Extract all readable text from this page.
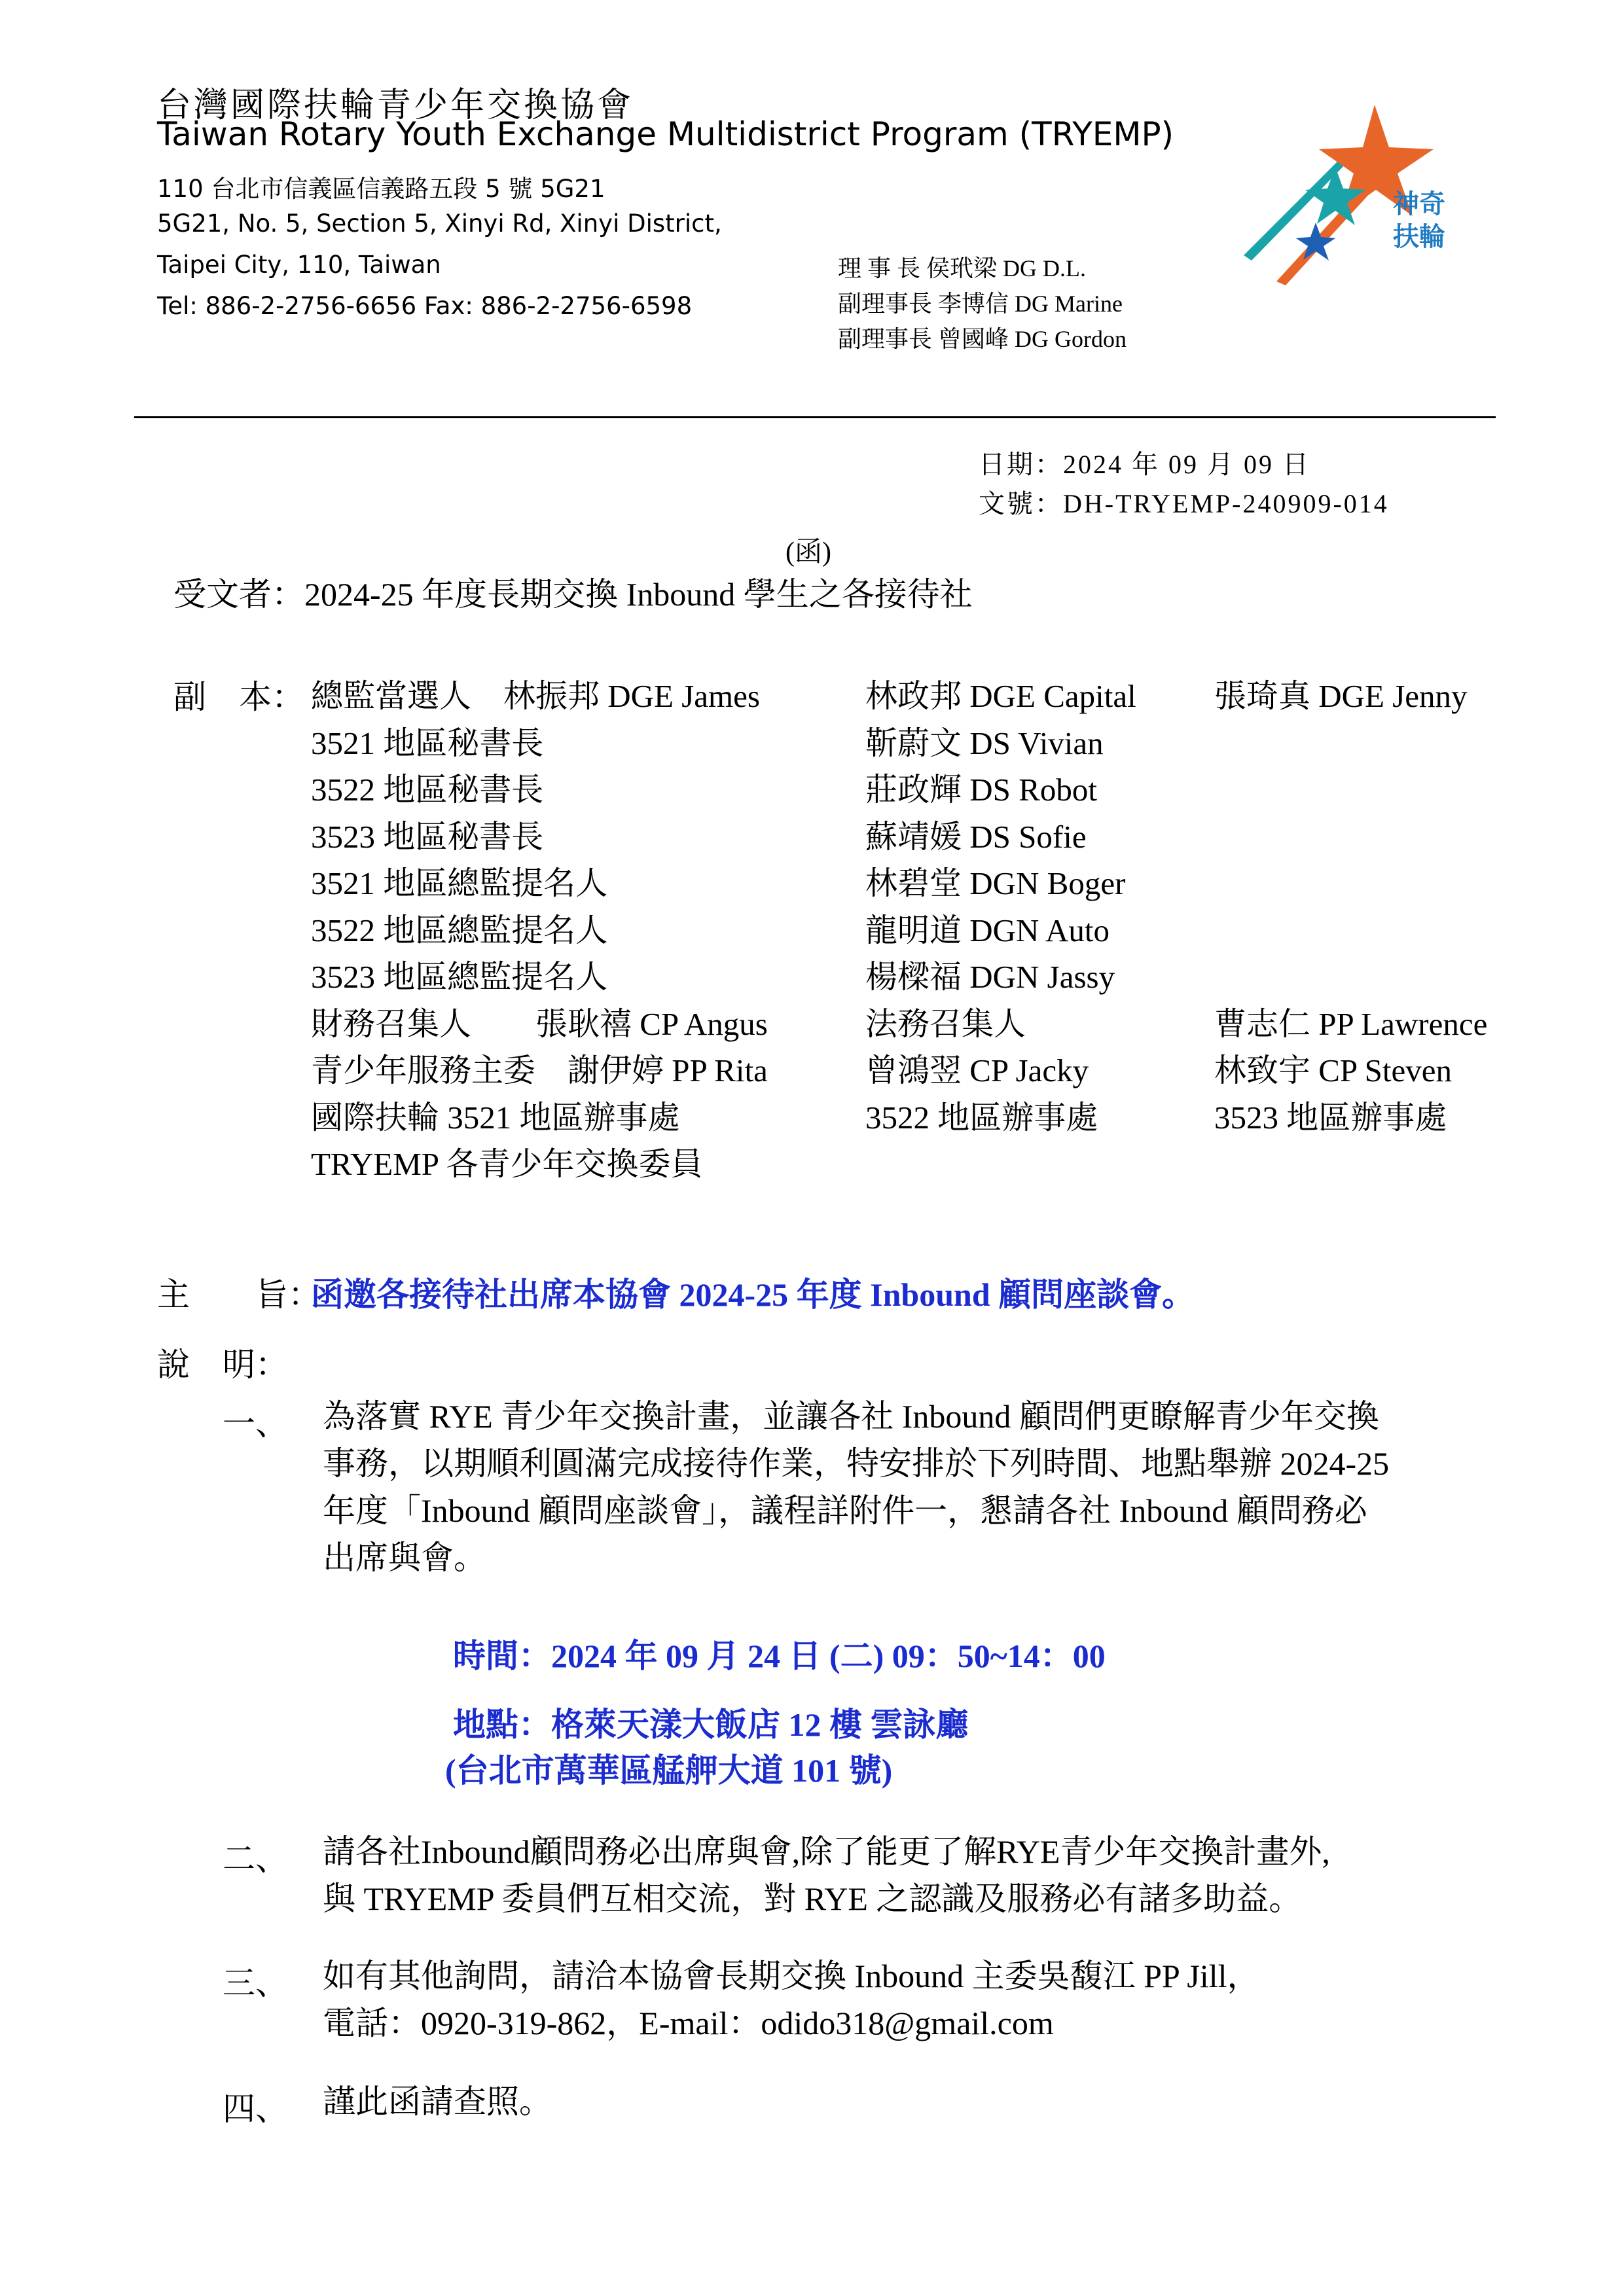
台灣國際扶輪青少年交換協會
Taiwan Rotary Youth Exchange Multidistrict Program (TRYEMP)
110 台北市信義區信義路五段 5 號 5G21
5G21, No. 5, Section 5, Xinyi Rd, Xinyi District,
Taipei City, 110, Taiwan
Tel: 886-2-2756-6656 Fax: 886-2-2756-6598
理 事 長 侯玳梁 DG D.L.
副理事長 李博信 DG Marine
副理事長 曾國峰 DG Gordon
神奇
扶輪
日期：2024 年 09 月 09 日
文號：DH-TRYEMP-240909-014
(函)
受文者：2024-25 年度長期交換 Inbound 學生之各接待社
副　本： 總監當選人　林振邦 DGE James	林政邦 DGE Capital 張琦真 DGE Jenny
3521 地區秘書長	靳蔚文 DS Vivian
3522 地區秘書長	莊政輝 DS Robot
3523 地區秘書長	蘇靖媛 DS Sofie
3521 地區總監提名人	林碧堂 DGN Boger
3522 地區總監提名人	龍明道 DGN Auto
3523 地區總監提名人	楊樑福 DGN Jassy
財務召集人　　張耿禧 CP Angus	法務召集人	曹志仁 PP Lawrence
青少年服務主委　謝伊婷 PP Rita	曾鴻翌 CP Jacky	林致宇 CP Steven
國際扶輪 3521 地區辦事處	3522 地區辦事處	3523 地區辦事處
TRYEMP 各青少年交換委員
主　　旨：
函邀各接待社出席本協會 2024-25 年度 Inbound 顧問座談會。
說　明：
一、 為落實 RYE 青少年交換計畫，並讓各社 Inbound 顧問們更瞭解青少年交換
事務，以期順利圓滿完成接待作業，特安排於下列時間、地點舉辦 2024-25
年度「Inbound 顧問座談會」，議程詳附件一，懇請各社 Inbound 顧問務必
出席與會。
時間：2024 年 09 月 24 日 (二) 09：50~14：00
地點：格萊天漾大飯店 12 樓 雲詠廳
(台北市萬華區艋舺大道 101 號)
二、 請各社Inbound顧問務必出席與會,除了能更了解RYE青少年交換計畫外,
與 TRYEMP 委員們互相交流，對 RYE 之認識及服務必有諸多助益。
三、 如有其他詢問，請洽本協會長期交換 Inbound 主委吳馥江 PP Jill，
電話：0920-319-862，E-mail：odido318@gmail.com
四、 謹此函請查照。
